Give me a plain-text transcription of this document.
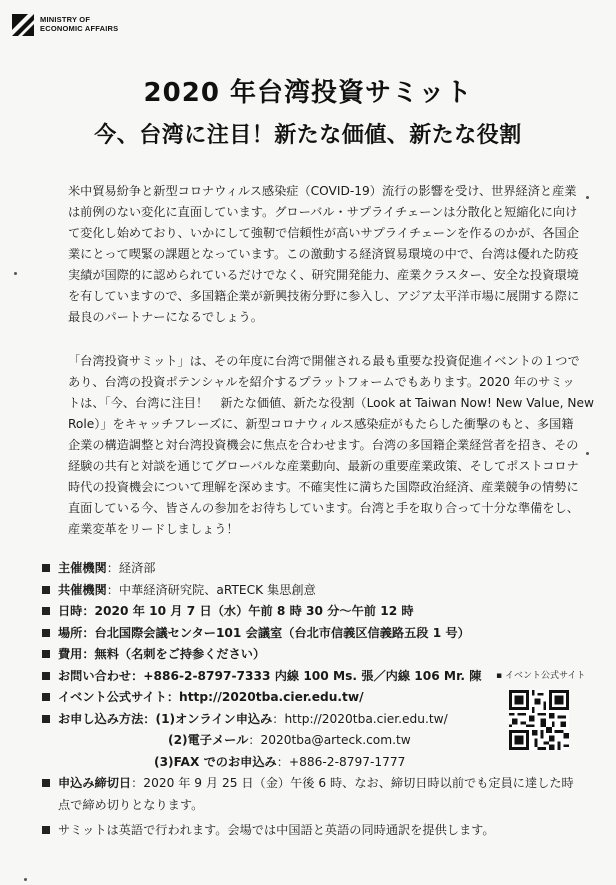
MINISTRY OF
ECONOMIC AFFAIRS
2020 年台湾投資サミット
今、台湾に注目！新たな価値、新たな役割

米中貿易紛争と新型コロナウィルス感染症（COVID-19）流行の影響を受け、世界経済と産業

は前例のない変化に直面しています。グローバル・サプライチェーンは分散化と短縮化に向け

て変化し始めており、いかにして強靭で信頼性が高いサプライチェーンを作るのかが、各国企

業にとって喫緊の課題となっています。この激動する経済貿易環境の中で、台湾は優れた防疫

実績が国際的に認められているだけでなく、研究開発能力、産業クラスター、安全な投資環境

を有していますので、多国籍企業が新興技術分野に参入し、アジア太平洋市場に展開する際に

最良のパートナーになるでしょう。

「台湾投資サミット」は、その年度に台湾で開催される最も重要な投資促進イベントの１つで

あり、台湾の投資ポテンシャルを紹介するプラットフォームでもあります。2020 年のサミッ

トは、「今、台湾に注目！　新たな価値、新たな役割（Look at Taiwan Now! New Value, New

Role）」をキャッチフレーズに、新型コロナウィルス感染症がもたらした衝撃のもと、多国籍

企業の構造調整と対台湾投資機会に焦点を合わせます。台湾の多国籍企業経営者を招き、その

経験の共有と対談を通じてグローバルな産業動向、最新の重要産業政策、そしてポストコロナ

時代の投資機会について理解を深めます。不確実性に満ちた国際政治経済、産業競争の情勢に

直面している今、皆さんの参加をお待ちしています。台湾と手を取り合って十分な準備をし、

産業変革をリードしましょう！

主催機関：経済部
共催機関：中華経済研究院、aRTECK 集思創意
日時：2020 年 10 月 7 日（水）午前 8 時 30 分〜午前 12 時
場所：台北国際会議センター101 会議室（台北市信義区信義路五段 1 号）
費用：無料（名刺をご持参ください）
お問い合わせ：+886-2-8797-7333 内線 100 Ms. 張／内線 106 Mr. 陳
イベント公式サイト：http://2020tba.cier.edu.tw/
お申し込み方法：(1)オンライン申込み：http://2020tba.cier.edu.tw/
(2)電子メール：2020tba@arteck.com.tw
(3)FAX でのお申込み：+886-2-8797-1777
申込み締切日：2020 年 9 月 25 日（金）午後 6 時、なお、締切日時以前でも定員に達した時
点で締め切りとなります。
サミットは英語で行われます。会場では中国語と英語の同時通訳を提供します。
▪ イベント公式サイト
